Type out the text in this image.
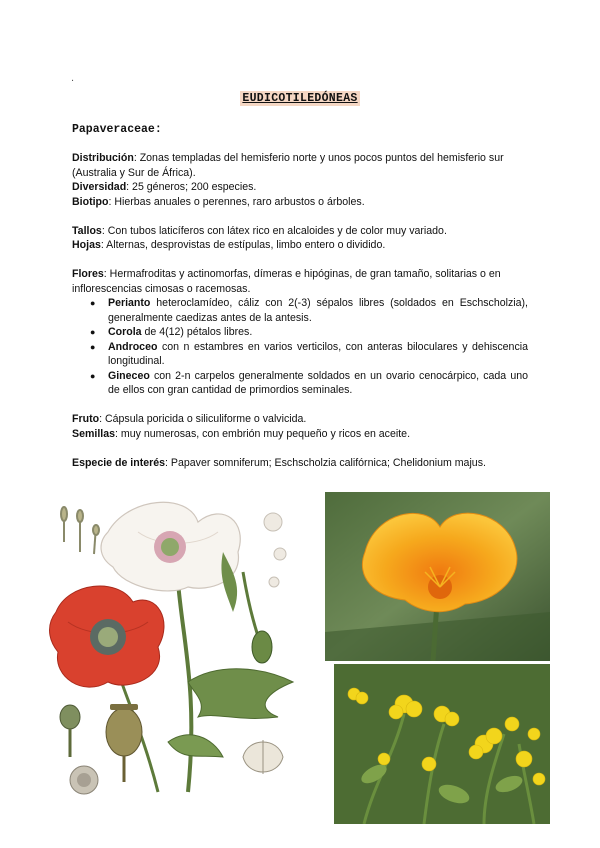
.
EUDICOTILEDÓNEAS
Papaveraceae:

Distribución: Zonas templadas del hemisferio norte y unos pocos puntos del hemisferio sur (Australia y Sur de África).

Diversidad: 25 géneros; 200 especies.

Biotipo: Hierbas anuales o perennes, raro arbustos o árboles.

Tallos: Con tubos laticíferos con látex rico en alcaloides y de color muy variado.

Hojas: Alternas, desprovistas de estípulas, limbo entero o dividido.

Flores: Hermafroditas y actinomorfas, dímeras e hipóginas, de gran tamaño, solitarias o en inflorescencias cimosas o racemosas.

● Perianto heteroclamídeo, cáliz con 2(-3) sépalos libres (soldados en Eschscholzia), generalmente caedizas antes de la antesis.
● Corola de 4(12) pétalos libres.
● Androceo con n estambres en varios verticilos, con anteras biloculares y dehiscencia longitudinal.
● Gineceo con 2-n carpelos generalmente soldados en un ovario cenocárpico, cada uno de ellos con gran cantidad de primordios seminales.

Fruto: Cápsula poricida o siliculiforme o valvicida.

Semillas: muy numerosas, con embrión muy pequeño y ricos en aceite.

Especie de interés: Papaver somniferum; Eschscholzia califórnica; Chelidonium majus.
